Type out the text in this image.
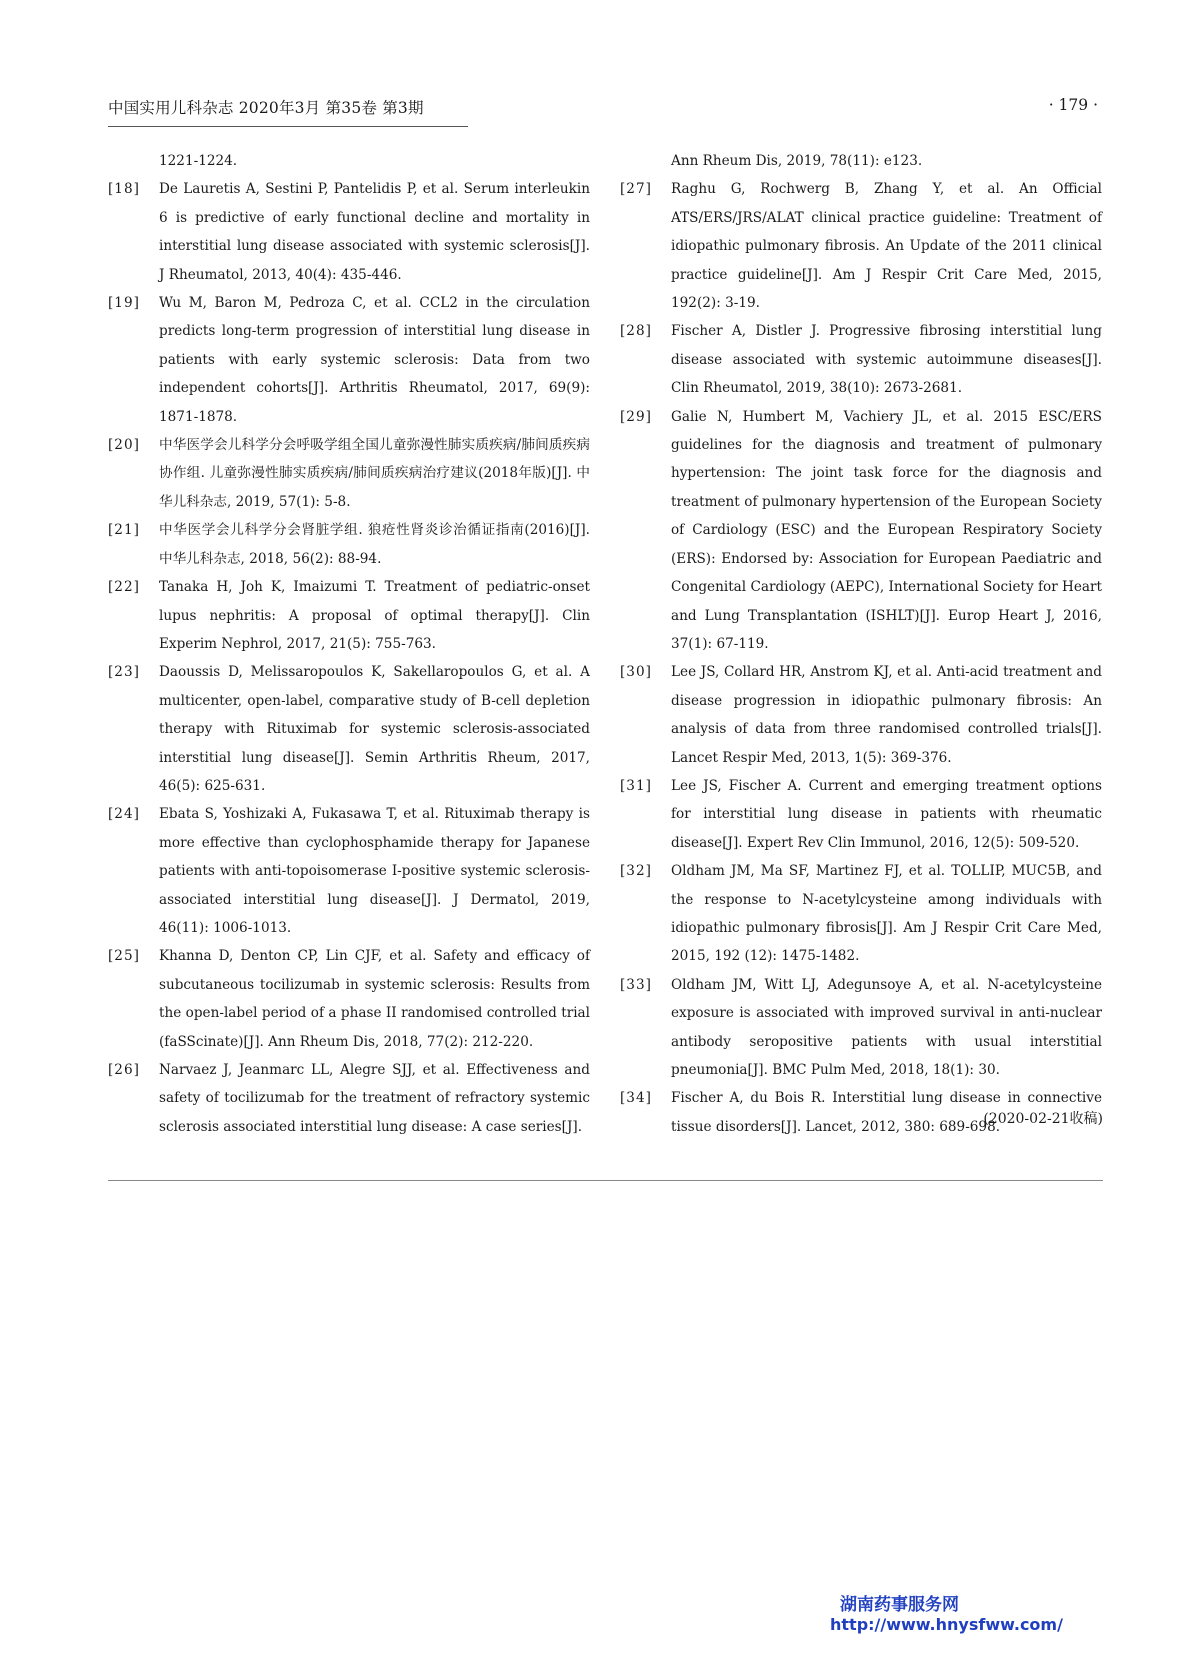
中国实用儿科杂志 2020年3月 第35卷 第3期	· 179 ·
1221-1224.
[18]	De Lauretis A, Sestini P, Pantelidis P, et al. Serum interleukin 6 is predictive of early functional decline and mortality in interstitial lung disease associated with systemic sclerosis[J]. J Rheumatol, 2013, 40(4): 435-446.
[19]	Wu M, Baron M, Pedroza C, et al. CCL2 in the circulation predicts long-term progression of interstitial lung disease in patients with early systemic sclerosis: Data from two independent cohorts[J]. Arthritis Rheumatol, 2017, 69(9): 1871-1878.
[20]	中华医学会儿科学分会呼吸学组全国儿童弥漫性肺实质疾病/肺间质疾病协作组. 儿童弥漫性肺实质疾病/肺间质疾病治疗建议(2018年版)[J]. 中华儿科杂志, 2019, 57(1): 5-8.
[21]	中华医学会儿科学分会肾脏学组. 狼疮性肾炎诊治循证指南(2016)[J]. 中华儿科杂志, 2018, 56(2): 88-94.
[22]	Tanaka H, Joh K, Imaizumi T. Treatment of pediatric-onset lupus nephritis: A proposal of optimal therapy[J]. Clin Experim Nephrol, 2017, 21(5): 755-763.
[23]	Daoussis D, Melissaropoulos K, Sakellaropoulos G, et al. A multicenter, open-label, comparative study of B-cell depletion therapy with Rituximab for systemic sclerosis-associated interstitial lung disease[J]. Semin Arthritis Rheum, 2017, 46(5): 625-631.
[24]	Ebata S, Yoshizaki A, Fukasawa T, et al. Rituximab therapy is more effective than cyclophosphamide therapy for Japanese patients with anti-topoisomerase I-positive systemic sclerosis-associated interstitial lung disease[J]. J Dermatol, 2019, 46(11): 1006-1013.
[25]	Khanna D, Denton CP, Lin CJF, et al. Safety and efficacy of subcutaneous tocilizumab in systemic sclerosis: Results from the open-label period of a phase II randomised controlled trial (faSScinate)[J]. Ann Rheum Dis, 2018, 77(2): 212-220.
[26]	Narvaez J, Jeanmarc LL, Alegre SJJ, et al. Effectiveness and safety of tocilizumab for the treatment of refractory systemic sclerosis associated interstitial lung disease: A case series[J].
Ann Rheum Dis, 2019, 78(11): e123.
[27]	Raghu G, Rochwerg B, Zhang Y, et al. An Official ATS/ERS/JRS/ALAT clinical practice guideline: Treatment of idiopathic pulmonary fibrosis. An Update of the 2011 clinical practice guideline[J]. Am J Respir Crit Care Med, 2015, 192(2): 3-19.
[28]	Fischer A, Distler J. Progressive fibrosing interstitial lung disease associated with systemic autoimmune diseases[J]. Clin Rheumatol, 2019, 38(10): 2673-2681.
[29]	Galie N, Humbert M, Vachiery JL, et al. 2015 ESC/ERS guidelines for the diagnosis and treatment of pulmonary hypertension: The joint task force for the diagnosis and treatment of pulmonary hypertension of the European Society of Cardiology (ESC) and the European Respiratory Society (ERS): Endorsed by: Association for European Paediatric and Congenital Cardiology (AEPC), International Society for Heart and Lung Transplantation (ISHLT)[J]. Europ Heart J, 2016, 37(1): 67-119.
[30]	Lee JS, Collard HR, Anstrom KJ, et al. Anti-acid treatment and disease progression in idiopathic pulmonary fibrosis: An analysis of data from three randomised controlled trials[J]. Lancet Respir Med, 2013, 1(5): 369-376.
[31]	Lee JS, Fischer A. Current and emerging treatment options for interstitial lung disease in patients with rheumatic disease[J]. Expert Rev Clin Immunol, 2016, 12(5): 509-520.
[32]	Oldham JM, Ma SF, Martinez FJ, et al. TOLLIP, MUC5B, and the response to N-acetylcysteine among individuals with idiopathic pulmonary fibrosis[J]. Am J Respir Crit Care Med, 2015, 192 (12): 1475-1482.
[33]	Oldham JM, Witt LJ, Adegunsoye A, et al. N-acetylcysteine exposure is associated with improved survival in anti-nuclear antibody seropositive patients with usual interstitial pneumonia[J]. BMC Pulm Med, 2018, 18(1): 30.
[34]	Fischer A, du Bois R. Interstitial lung disease in connective tissue disorders[J]. Lancet, 2012, 380: 689-698.
(2020-02-21收稿)
湖南药事服务网
http://www.hnysfww.com/
